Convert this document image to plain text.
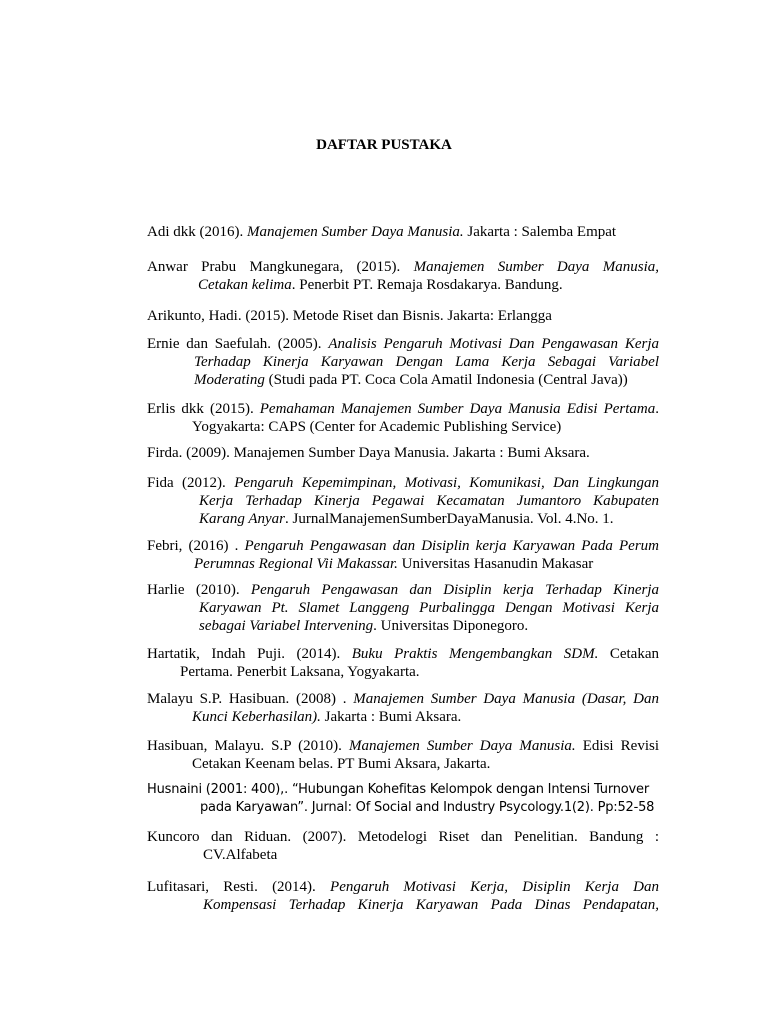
DAFTAR PUSTAKA
Adi dkk (2016). Manajemen Sumber Daya Manusia. Jakarta : Salemba Empat
Anwar Prabu Mangkunegara, (2015). Manajemen Sumber Daya Manusia,
Cetakan kelima. Penerbit PT. Remaja Rosdakarya. Bandung.
Arikunto, Hadi. (2015). Metode Riset dan Bisnis. Jakarta: Erlangga
Ernie dan Saefulah. (2005). Analisis Pengaruh Motivasi Dan Pengawasan Kerja
Terhadap Kinerja Karyawan Dengan Lama Kerja Sebagai Variabel
Moderating (Studi pada PT. Coca Cola Amatil Indonesia (Central Java))
Erlis dkk (2015). Pemahaman Manajemen Sumber Daya Manusia Edisi Pertama.
Yogyakarta: CAPS (Center for Academic Publishing Service)
Firda. (2009). Manajemen Sumber Daya Manusia. Jakarta : Bumi Aksara.
Fida (2012). Pengaruh Kepemimpinan, Motivasi, Komunikasi, Dan Lingkungan
Kerja Terhadap Kinerja Pegawai Kecamatan Jumantoro Kabupaten
Karang Anyar. JurnalManajemenSumberDayaManusia. Vol. 4.No. 1.
Febri, (2016) . Pengaruh Pengawasan dan Disiplin kerja Karyawan Pada Perum
Perumnas Regional Vii Makassar. Universitas Hasanudin Makasar
Harlie (2010). Pengaruh Pengawasan dan Disiplin kerja Terhadap Kinerja
Karyawan Pt. Slamet Langgeng Purbalingga Dengan Motivasi Kerja
sebagai Variabel Intervening. Universitas Diponegoro.
Hartatik, Indah Puji. (2014). Buku Praktis Mengembangkan SDM. Cetakan
Pertama. Penerbit Laksana, Yogyakarta.
Malayu S.P. Hasibuan. (2008) . Manajemen Sumber Daya Manusia (Dasar, Dan
Kunci Keberhasilan). Jakarta : Bumi Aksara.
Hasibuan, Malayu. S.P (2010). Manajemen Sumber Daya Manusia. Edisi Revisi
Cetakan Keenam belas. PT Bumi Aksara, Jakarta.
Husnaini (2001: 400),. “Hubungan Kohefitas Kelompok dengan Intensi Turnover
pada Karyawan”. Jurnal: Of Social and Industry Psycology.1(2). Pp:52-58
Kuncoro dan Riduan. (2007). Metodelogi Riset dan Penelitian. Bandung :
CV.Alfabeta
Lufitasari, Resti. (2014). Pengaruh Motivasi Kerja, Disiplin Kerja Dan
Kompensasi Terhadap Kinerja Karyawan Pada Dinas Pendapatan,
